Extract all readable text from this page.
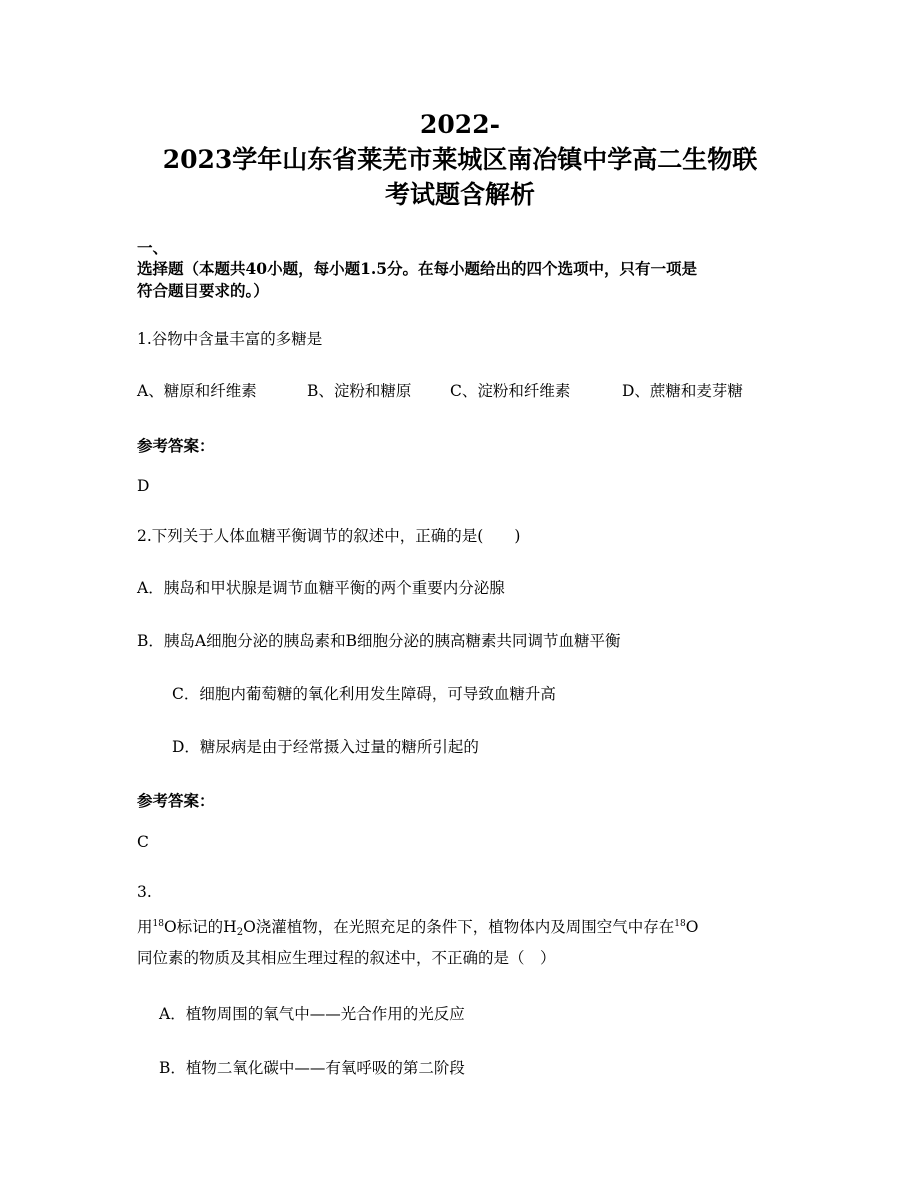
2022-
2023学年山东省莱芜市莱城区南冶镇中学高二生物联
考试题含解析
一、
选择题（本题共40小题，每小题1.5分。在每小题给出的四个选项中，只有一项是
符合题目要求的。）
1.谷物中含量丰富的多糖是
A、糖原和纤维素	B、淀粉和糖原 C、淀粉和纤维素	D、蔗糖和麦芽糖
参考答案：
D
2.下列关于人体血糖平衡调节的叙述中，正确的是(　　)
A．胰岛和甲状腺是调节血糖平衡的两个重要内分泌腺
B．胰岛A细胞分泌的胰岛素和B细胞分泌的胰高糖素共同调节血糖平衡
C．细胞内葡萄糖的氧化利用发生障碍，可导致血糖升高
D．糖尿病是由于经常摄入过量的糖所引起的
参考答案：
C
3.
用$^{18}$O标记的$H_2O$浇灌植物，在光照充足的条件下，植物体内及周围空气中存在$^{18}$O
同位素的物质及其相应生理过程的叙述中，不正确的是（　）
A．植物周围的氧气中——光合作用的光反应
B．植物二氧化碳中——有氧呼吸的第二阶段
